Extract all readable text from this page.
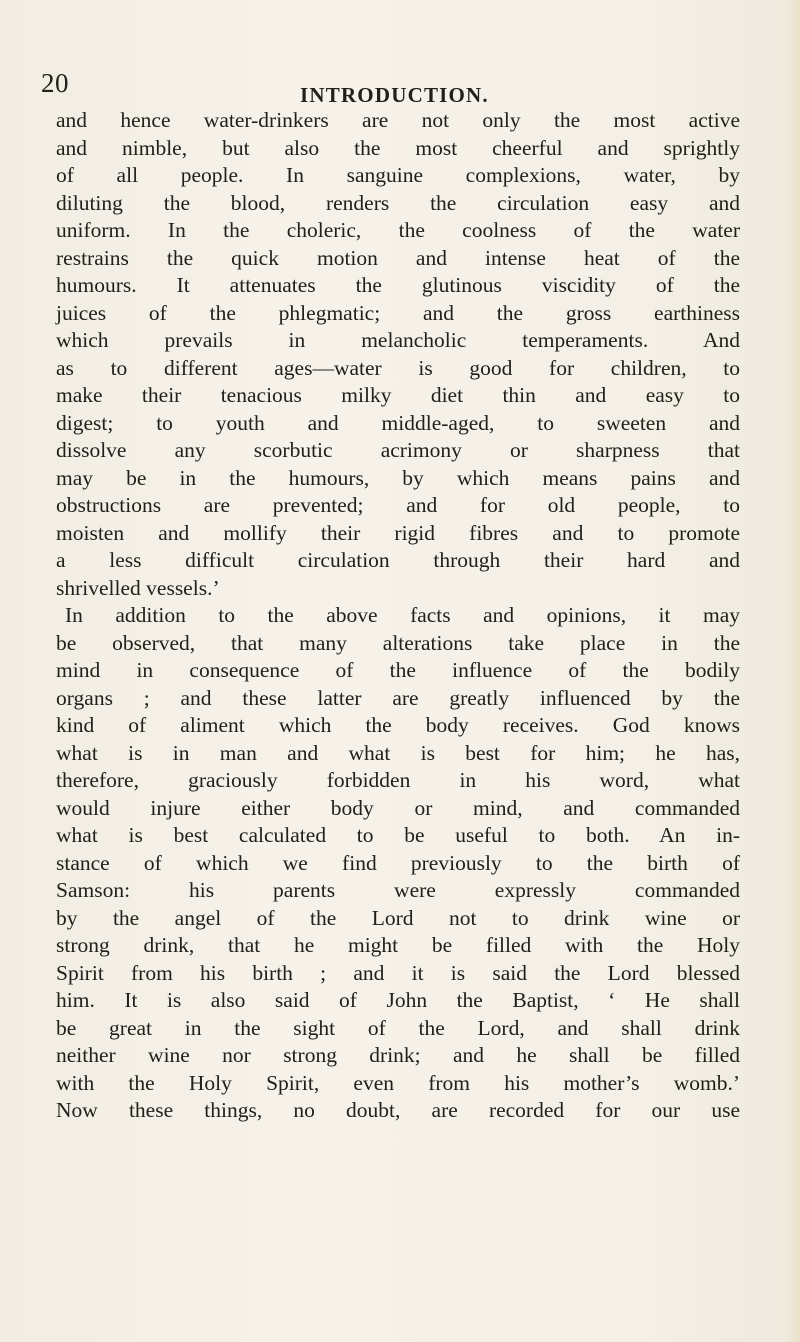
20	INTRODUCTION.
and hence water-drinkers are not only the most active
and nimble, but also the most cheerful and sprightly
of all people. In sanguine complexions, water, by
diluting the blood, renders the circulation easy and
uniform. In the choleric, the coolness of the water
restrains the quick motion and intense heat of the
humours. It attenuates the glutinous viscidity of the
juices of the phlegmatic; and the gross earthiness
which prevails in melancholic temperaments. And
as to different ages—water is good for children, to
make their tenacious milky diet thin and easy to
digest; to youth and middle-aged, to sweeten and
dissolve any scorbutic acrimony or sharpness that
may be in the humours, by which means pains and
obstructions are prevented; and for old people, to
moisten and mollify their rigid fibres and to promote
a less difficult circulation through their hard and
shrivelled vessels.’
In addition to the above facts and opinions, it may
be observed, that many alterations take place in the
mind in consequence of the influence of the bodily
organs ; and these latter are greatly influenced by the
kind of aliment which the body receives. God knows
what is in man and what is best for him; he has,
therefore, graciously forbidden in his word, what
would injure either body or mind, and commanded
what is best calculated to be useful to both. An in-
stance of which we find previously to the birth of
Samson: his parents were expressly commanded
by the angel of the Lord not to drink wine or
strong drink, that he might be filled with the Holy
Spirit from his birth ; and it is said the Lord blessed
him. It is also said of John the Baptist, ‘ He shall
be great in the sight of the Lord, and shall drink
neither wine nor strong drink; and he shall be filled
with the Holy Spirit, even from his mother’s womb.’
Now these things, no doubt, are recorded for our use
